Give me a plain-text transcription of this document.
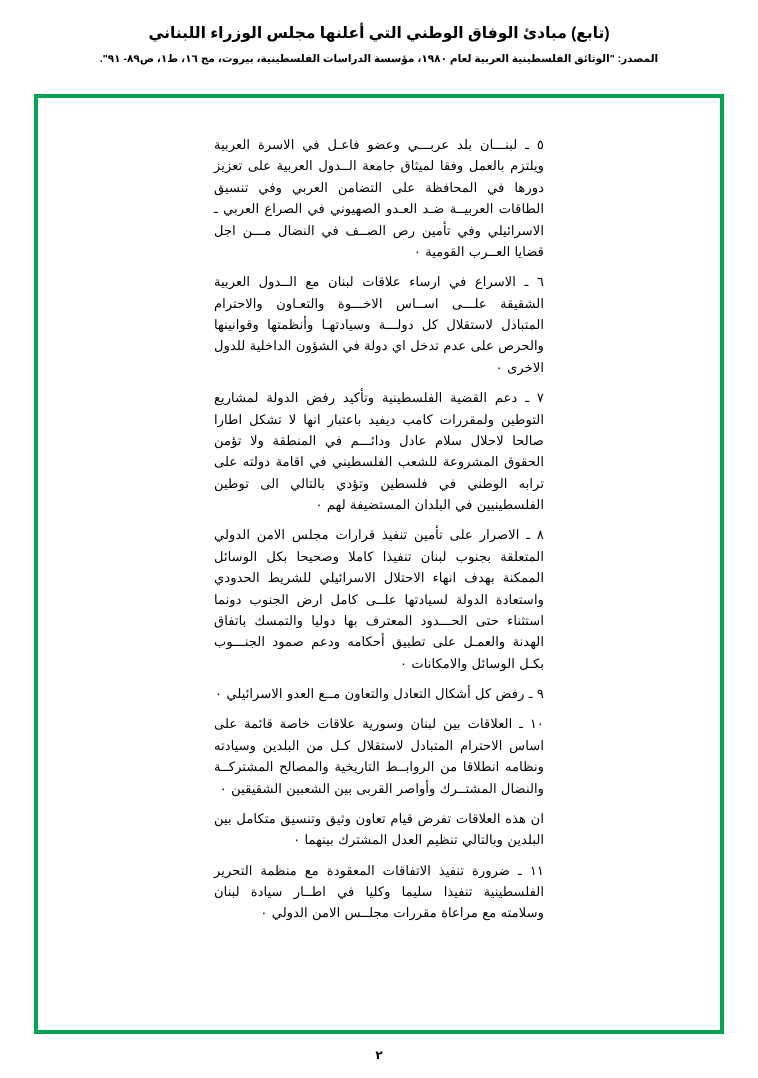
(تابع) مبادئ الوفاق الوطني التي أعلنها مجلس الوزراء اللبناني
المصدر: "الوثائق الفلسطينية العربية لعام ١٩٨٠، مؤسسة الدراسات الفلسطينية، بيروت، مج ١٦، ط١، ص٨٩- ٩١".

٥ ـ لبنـــان بلد عربـــي وعضو فاعـل في الاسرة العربية ويلتزم بالعمل وفقا لميثاق جامعة الــدول العربية على تعزيز دورها في المحافظة على التضامن العربي وفي تنسيق الطاقات العربيــة ضـد العـدو الصهيوني في الصراع العربي ـ الاسرائيلي وفي تأمين رص الصــف في النضال مـــن اجل قضايا العــرب القومية ٠

٦ ـ الاسراع في ارساء علاقات لبنان مع الــدول العربية الشقيقة علـــى اســاس الاخـــوة والتعـاون والاحترام المتبادل لاستقلال كل دولـــة وسيادتهـا وأنظمتها وقوانينها والحرص على عدم تدخل اي دولة في الشؤون الداخلية للدول الاخرى ٠

٧ ـ دعم القضية الفلسطينية وتأكيد رفض الدولة لمشاريع التوطين ولمقررات كامب ديفيد باعتبار انها لا تشكل اطارا صالحا لاحلال سلام عادل ودائـــم في المنطقة ولا تؤمن الحقوق المشروعة للشعب الفلسطيني في اقامة دولته على ترابه الوطني في فلسطين وتؤدي بالتالي الى توطين الفلسطينيين في البلدان المستضيفة لهم ٠

٨ ـ الاصرار على تأمين تنفيذ قرارات مجلس الامن الدولي المتعلقة بجنوب لبنان تنفيذا كاملا وصحيحا بكل الوسائل الممكنة بهدف انهاء الاحتلال الاسرائيلي للشريط الحدودي واستعادة الدولة لسيادتها علــى كامل ارض الجنوب دونما استثناء حتى الحـــدود المعترف بها دوليا والتمسك باتفاق الهدنة والعمـل على تطبيق أحكامه ودعم صمود الجنـــوب بكـل الوسائل والامكانات ٠

٩ ـ رفض كل أشكال التعادل والتعاون مــع العدو الاسرائيلي ٠

١٠ ـ العلاقات بين لبنان وسورية علاقات خاصة قائمة على اساس الاحترام المتبادل لاستقلال كـل من البلدين وسيادته ونظامه انطلاقا من الروابــط التاريخية والمصالح المشتركــة والنضال المشتــرك وأواصر القربى بين الشعبين الشقيقين ٠

ان هذه العلاقات تفرض قيام تعاون وثيق وتنسيق متكامل بين البلدين وبالتالي تنظيم العدل المشترك بينهما ٠

١١ ـ ضرورة تنفيذ الاتفاقات المعقودة مع منظمة التحرير الفلسطينية تنفيذا سليما وكليا في اطــار سيادة لبنان وسلامته مع مراعاة مقررات مجلــس الامن الدولي ٠

٢
